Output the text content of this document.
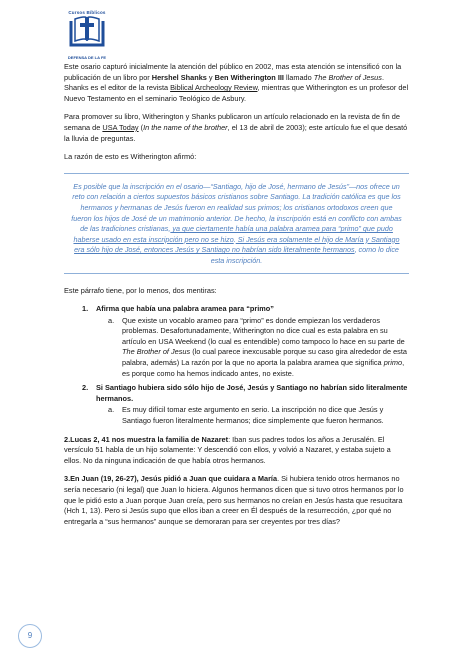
Cursos Bíblicos
DEFENSA DE LA FE

Este osario capturó inicialmente la atención del público en 2002, mas esta atención se intensificó con la publicación de un libro por Hershel Shanks y Ben Witherington III llamado The Brother of Jesus. Shanks es el editor de la revista Biblical Archeology Review, mientras que Witherington es un profesor del Nuevo Testamento en el seminario Teológico de Asbury.

Para promover su libro, Witherington y Shanks publicaron un artículo relacionado en la revista de fin de semana de USA Today (In the name of the brother, el 13 de abril de 2003); este artículo fue el que desató la lluvia de preguntas.

La razón de esto es Witherington afirmó:

Es posible que la inscripción en el osario—“Santiago, hijo de José, hermano de Jesús”—nos ofrece un reto con relación a ciertos supuestos básicos cristianos sobre Santiago. La tradición católica es que los hermanos y hermanas de Jesús fueron en realidad sus primos; los cristianos ortodoxos creen que fueron los hijos de José de un matrimonio anterior. De hecho, la inscripción está en conflicto con ambas de las tradiciones cristianas, ya que ciertamente había una palabra aramea para “primo” que pudo haberse usado en esta inscripción pero no se hizo. Si Jesús era solamente el hijo de María y Santiago era sólo hijo de José, entonces Jesús y Santiago no habrían sido literalmente hermanos, como lo dice esta inscripción.

Este párrafo tiene, por lo menos, dos mentiras:

1.	Afirma que había una palabra aramea para “primo”
a.	Que existe un vocablo arameo para “primo” es donde empiezan los verdaderos problemas. Desafortunadamente, Witherington no dice cual es esta palabra en su artículo en USA Weekend (lo cual es entendible) como tampoco lo hace en su parte de The Brother of Jesus (lo cual parece inexcusable porque su caso gira alrededor de esta palabra, además) La razón por la que no aporta la palabra aramea que significa primo, es porque como ha hemos indicado antes, no existe.
2.	Si Santiago hubiera sido sólo hijo de José, Jesús y Santiago no habrían sido literalmente hermanos.
a.	Es muy difícil tomar este argumento en serio. La inscripción no dice que Jesús y Santiago fueron literalmente hermanos; dice simplemente que fueron hermanos.

2.Lucas 2, 41 nos muestra la familia de Nazaret: Iban sus padres todos los años a Jerusalén. El versículo 51 habla de un hijo solamente: Y descendió con ellos, y volvió a Nazaret, y estaba sujeto a ellos. No da ninguna indicación de que había otros hermanos.

3.En Juan (19, 26-27), Jesús pidió a Juan que cuidara a María. Si hubiera tenido otros hermanos no sería necesario (ni legal) que Juan lo hiciera. Algunos hermanos dicen que si tuvo otros hermanos por lo que le pidió esto a Juan porque Juan creía, pero sus hermanos no creían en Jesús hasta que resucitara (Hch 1, 13). Pero si Jesús supo que ellos iban a creer en Él después de la resurrección, ¿por qué no entregarla a “sus hermanos” aunque se demoraran para ser creyentes por tres días?

9
